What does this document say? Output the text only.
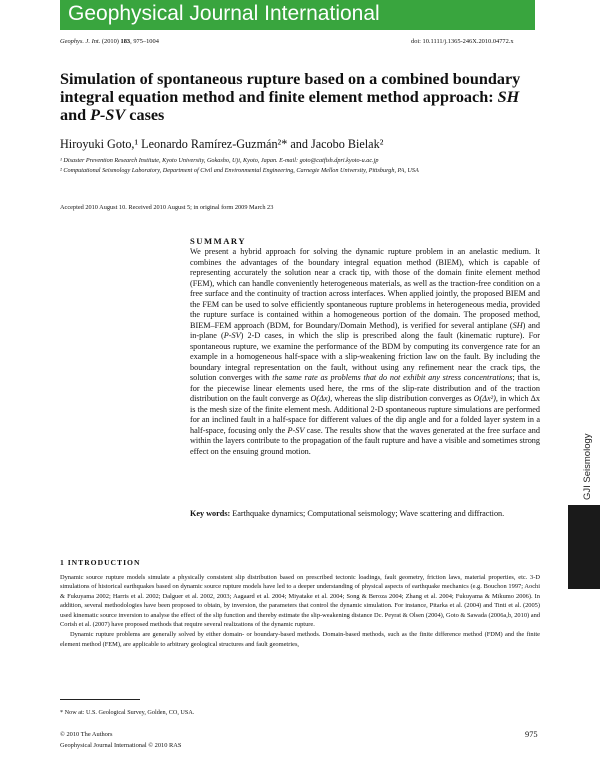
Geophysical Journal International
Geophys. J. Int. (2010) 183, 975–1004	doi: 10.1111/j.1365-246X.2010.04772.x
Simulation of spontaneous rupture based on a combined boundary integral equation method and finite element method approach: SH and P-SV cases
Hiroyuki Goto,¹ Leonardo Ramírez-Guzmán²* and Jacobo Bielak²
¹ Disaster Prevention Research Institute, Kyoto University, Gokasho, Uji, Kyoto, Japan. E-mail: goto@catfish.dpri.kyoto-u.ac.jp
² Computational Seismology Laboratory, Department of Civil and Environmental Engineering, Carnegie Mellon University, Pittsburgh, PA, USA
Accepted 2010 August 10. Received 2010 August 5; in original form 2009 March 23
SUMMARY
We present a hybrid approach for solving the dynamic rupture problem in an anelastic medium. It combines the advantages of the boundary integral equation method (BIEM), which is capable of representing accurately the solution near a crack tip, with those of the domain finite element method (FEM), which can handle conveniently heterogeneous materials, as well as the traction-free condition on a free surface and the continuity of traction across interfaces. When applied jointly, the proposed BIEM and the FEM can be used to solve efficiently spontaneous rupture problems in heterogeneous media, provided the rupture surface is contained within a homogeneous portion of the domain. The proposed method, BIEM–FEM approach (BDM, for Boundary/Domain Method), is verified for several antiplane (SH) and in-plane (P-SV) 2-D cases, in which the slip is prescribed along the fault (kinematic rupture). For spontaneous rupture, we examine the performance of the BDM by computing its convergence rate for an example in a homogeneous half-space with a slip-weakening friction law on the fault. By including the boundary integral representation on the fault, without using any refinement near the crack tips, the solution converges with the same rate as problems that do not exhibit any stress concentrations; that is, for the piecewise linear elements used here, the rms of the slip-rate distribution and of the traction distribution on the fault converge as O(Δx), whereas the slip distribution converges as O(Δx²), in which Δx is the mesh size of the finite element mesh. Additional 2-D spontaneous rupture simulations are performed for an inclined fault in a half-space for different values of the dip angle and for a folded layer system in a half-space, focusing only the P-SV case. The results show that the waves generated at the free surface and within the layers contribute to the propagation of the fault rupture and have a visible and sometimes strong effect on the ensuing ground motion.
Key words: Earthquake dynamics; Computational seismology; Wave scattering and diffraction.
GJI Seismology
1 INTRODUCTION

Dynamic source rupture models simulate a physically consistent slip distribution based on prescribed tectonic loadings, fault geometry, friction laws, material properties, etc. 3-D simulations of historical earthquakes based on dynamic source rupture models have led to a deeper understanding of physical aspects of earthquake mechanics (e.g. Bouchon 1997; Aochi & Fukuyama 2002; Harris et al. 2002; Dalguer et al. 2002, 2003; Aagaard et al. 2004; Miyatake et al. 2004; Song & Beroza 2004; Zhang et al. 2004; Fukuyama & Mikumo 2006). In addition, several methodologies have been proposed to obtain, by inversion, the parameters that control the dynamic simulation. For instance, Pitarka et al. (2004) and Tinti et al. (2005) used kinematic source inversion to analyse the effect of the slip function and thereby estimate the slip-weakening distance Dc. Peyrat & Olsen (2004), Goto & Sawada (2006a,b, 2010) and Corish et al. (2007) have proposed methods that require several realizations of the dynamic rupture.

Dynamic rupture problems are generally solved by either domain- or boundary-based methods. Domain-based methods, such as the finite difference method (FDM) and the finite element method (FEM), are applicable to arbitrary geological structures and fault geometries,

* Now at: U.S. Geological Survey, Golden, CO, USA.
© 2010 The Authors
Geophysical Journal International © 2010 RAS
975
